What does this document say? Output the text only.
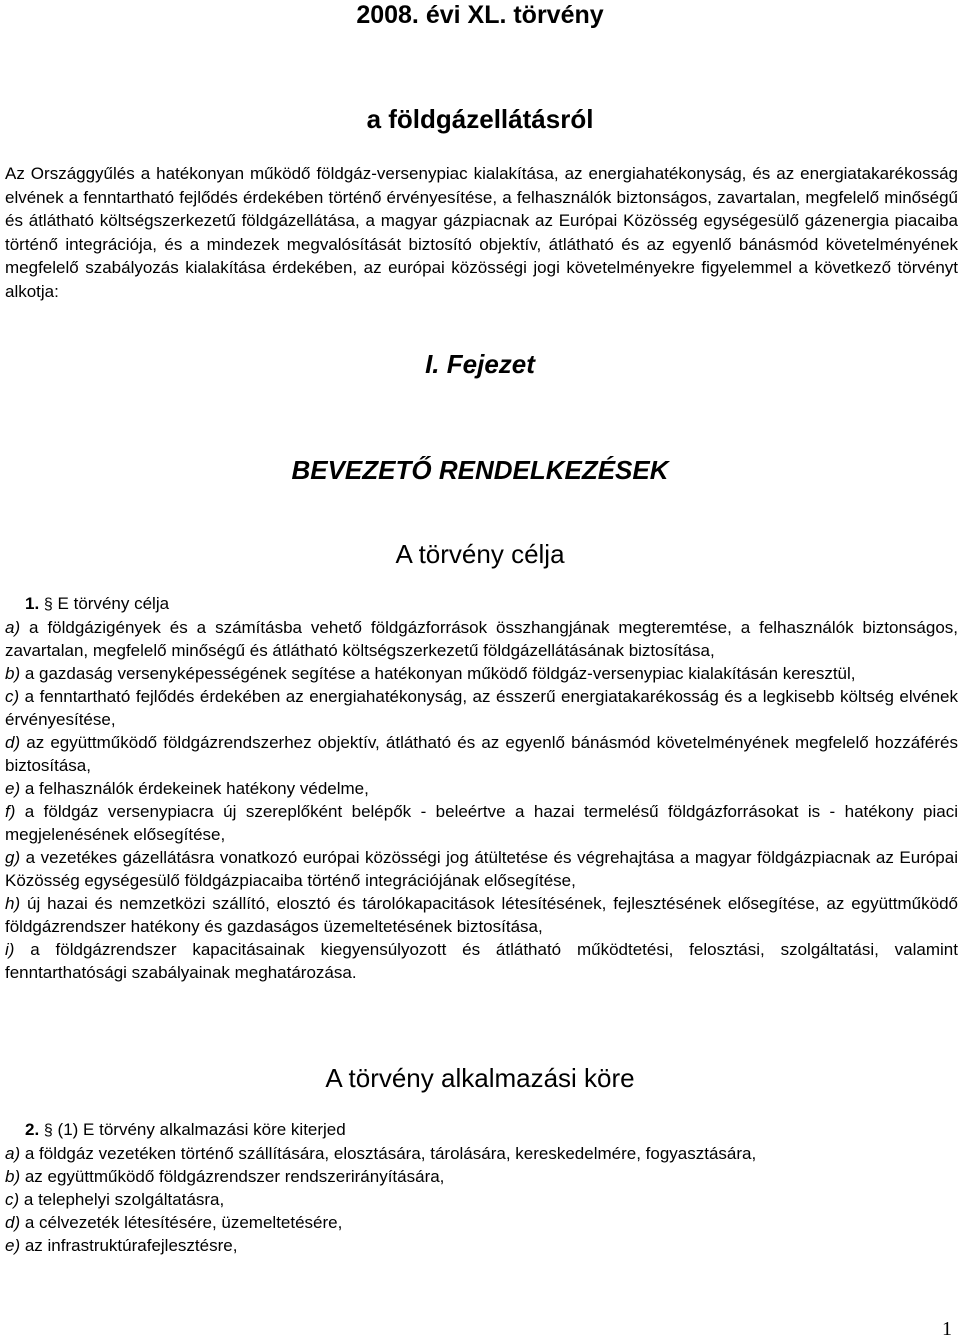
2008. évi XL. törvény
a földgázellátásról

Az Országgyűlés a hatékonyan működő földgáz-versenypiac kialakítása, az energiahatékonyság, és az energiatakarékosság elvének a fenntartható fejlődés érdekében történő érvényesítése, a felhasználók biztonságos, zavartalan, megfelelő minőségű és átlátható költségszerkezetű földgázellátása, a magyar gázpiacnak az Európai Közösség egységesülő gázenergia piacaiba történő integrációja, és a mindezek megvalósítását biztosító objektív, átlátható és az egyenlő bánásmód követelményének megfelelő szabályozás kialakítása érdekében, az európai közösségi jogi követelményekre figyelemmel a következő törvényt alkotja:

I. Fejezet
BEVEZETŐ RENDELKEZÉSEK
A törvény célja

1. § E törvény célja

a) a földgázigények és a számításba vehető földgázforrások összhangjának megteremtése, a felhasználók biztonságos, zavartalan, megfelelő minőségű és átlátható költségszerkezetű földgázellátásának biztosítása,

b) a gazdaság versenyképességének segítése a hatékonyan működő földgáz-versenypiac kialakításán keresztül,

c) a fenntartható fejlődés érdekében az energiahatékonyság, az ésszerű energiatakarékosság és a legkisebb költség elvének érvényesítése,

d) az együttműködő földgázrendszerhez objektív, átlátható és az egyenlő bánásmód követelményének megfelelő hozzáférés biztosítása,

e) a felhasználók érdekeinek hatékony védelme,

f) a földgáz versenypiacra új szereplőként belépők - beleértve a hazai termelésű földgázforrásokat is - hatékony piaci megjelenésének elősegítése,

g) a vezetékes gázellátásra vonatkozó európai közösségi jog átültetése és végrehajtása a magyar földgázpiacnak az Európai Közösség egységesülő földgázpiacaiba történő integrációjának elősegítése,

h) új hazai és nemzetközi szállító, elosztó és tárolókapacitások létesítésének, fejlesztésének elősegítése, az együttműködő földgázrendszer hatékony és gazdaságos üzemeltetésének biztosítása,

i) a földgázrendszer kapacitásainak kiegyensúlyozott és átlátható működtetési, felosztási, szolgáltatási, valamint fenntarthatósági szabályainak meghatározása.

A törvény alkalmazási köre

2. § (1) E törvény alkalmazási köre kiterjed

a) a földgáz vezetéken történő szállítására, elosztására, tárolására, kereskedelmére, fogyasztására,

b) az együttműködő földgázrendszer rendszerirányítására,

c) a telephelyi szolgáltatásra,

d) a célvezeték létesítésére, üzemeltetésére,

e) az infrastruktúrafejlesztésre,

1
